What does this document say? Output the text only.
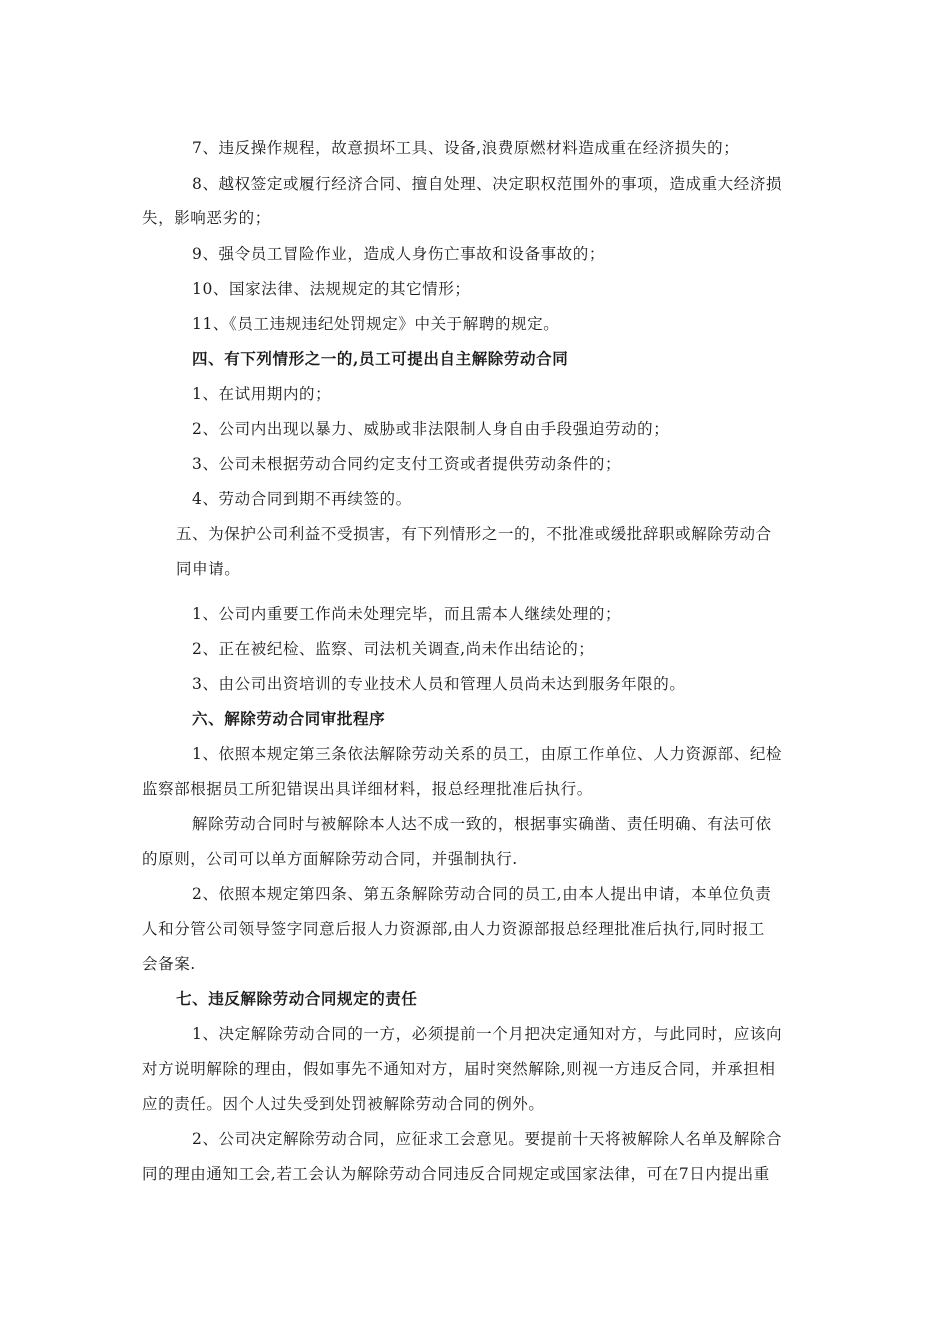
7、违反操作规程，故意损坏工具、设备,浪费原燃材料造成重在经济损失的；
8、越权签定或履行经济合同、擅自处理、决定职权范围外的事项，造成重大经济损
失，影响恶劣的；
9、强令员工冒险作业，造成人身伤亡事故和设备事故的；
10、国家法律、法规规定的其它情形；
11、《员工违规违纪处罚规定》中关于解聘的规定。
四、有下列情形之一的,员工可提出自主解除劳动合同
1、在试用期内的；
2、公司内出现以暴力、威胁或非法限制人身自由手段强迫劳动的；
3、公司未根据劳动合同约定支付工资或者提供劳动条件的；
4、劳动合同到期不再续签的。
五、为保护公司利益不受损害，有下列情形之一的，不批准或缓批辞职或解除劳动合
同申请。
1、公司内重要工作尚未处理完毕，而且需本人继续处理的；
2、正在被纪检、监察、司法机关调查,尚未作出结论的；
3、由公司出资培训的专业技术人员和管理人员尚未达到服务年限的。
六、解除劳动合同审批程序
1、依照本规定第三条依法解除劳动关系的员工，由原工作单位、人力资源部、纪检
监察部根据员工所犯错误出具详细材料，报总经理批准后执行。
解除劳动合同时与被解除本人达不成一致的，根据事实确凿、责任明确、有法可依
的原则，公司可以单方面解除劳动合同，并强制执行.
2、依照本规定第四条、第五条解除劳动合同的员工,由本人提出申请，本单位负责
人和分管公司领导签字同意后报人力资源部,由人力资源部报总经理批准后执行,同时报工
会备案.
七、违反解除劳动合同规定的责任
1、决定解除劳动合同的一方，必须提前一个月把决定通知对方，与此同时，应该向
对方说明解除的理由，假如事先不通知对方，届时突然解除,则视一方违反合同，并承担相
应的责任。因个人过失受到处罚被解除劳动合同的例外。
2、公司决定解除劳动合同，应征求工会意见。要提前十天将被解除人名单及解除合
同的理由通知工会,若工会认为解除劳动合同违反合同规定或国家法律，可在7日内提出重
